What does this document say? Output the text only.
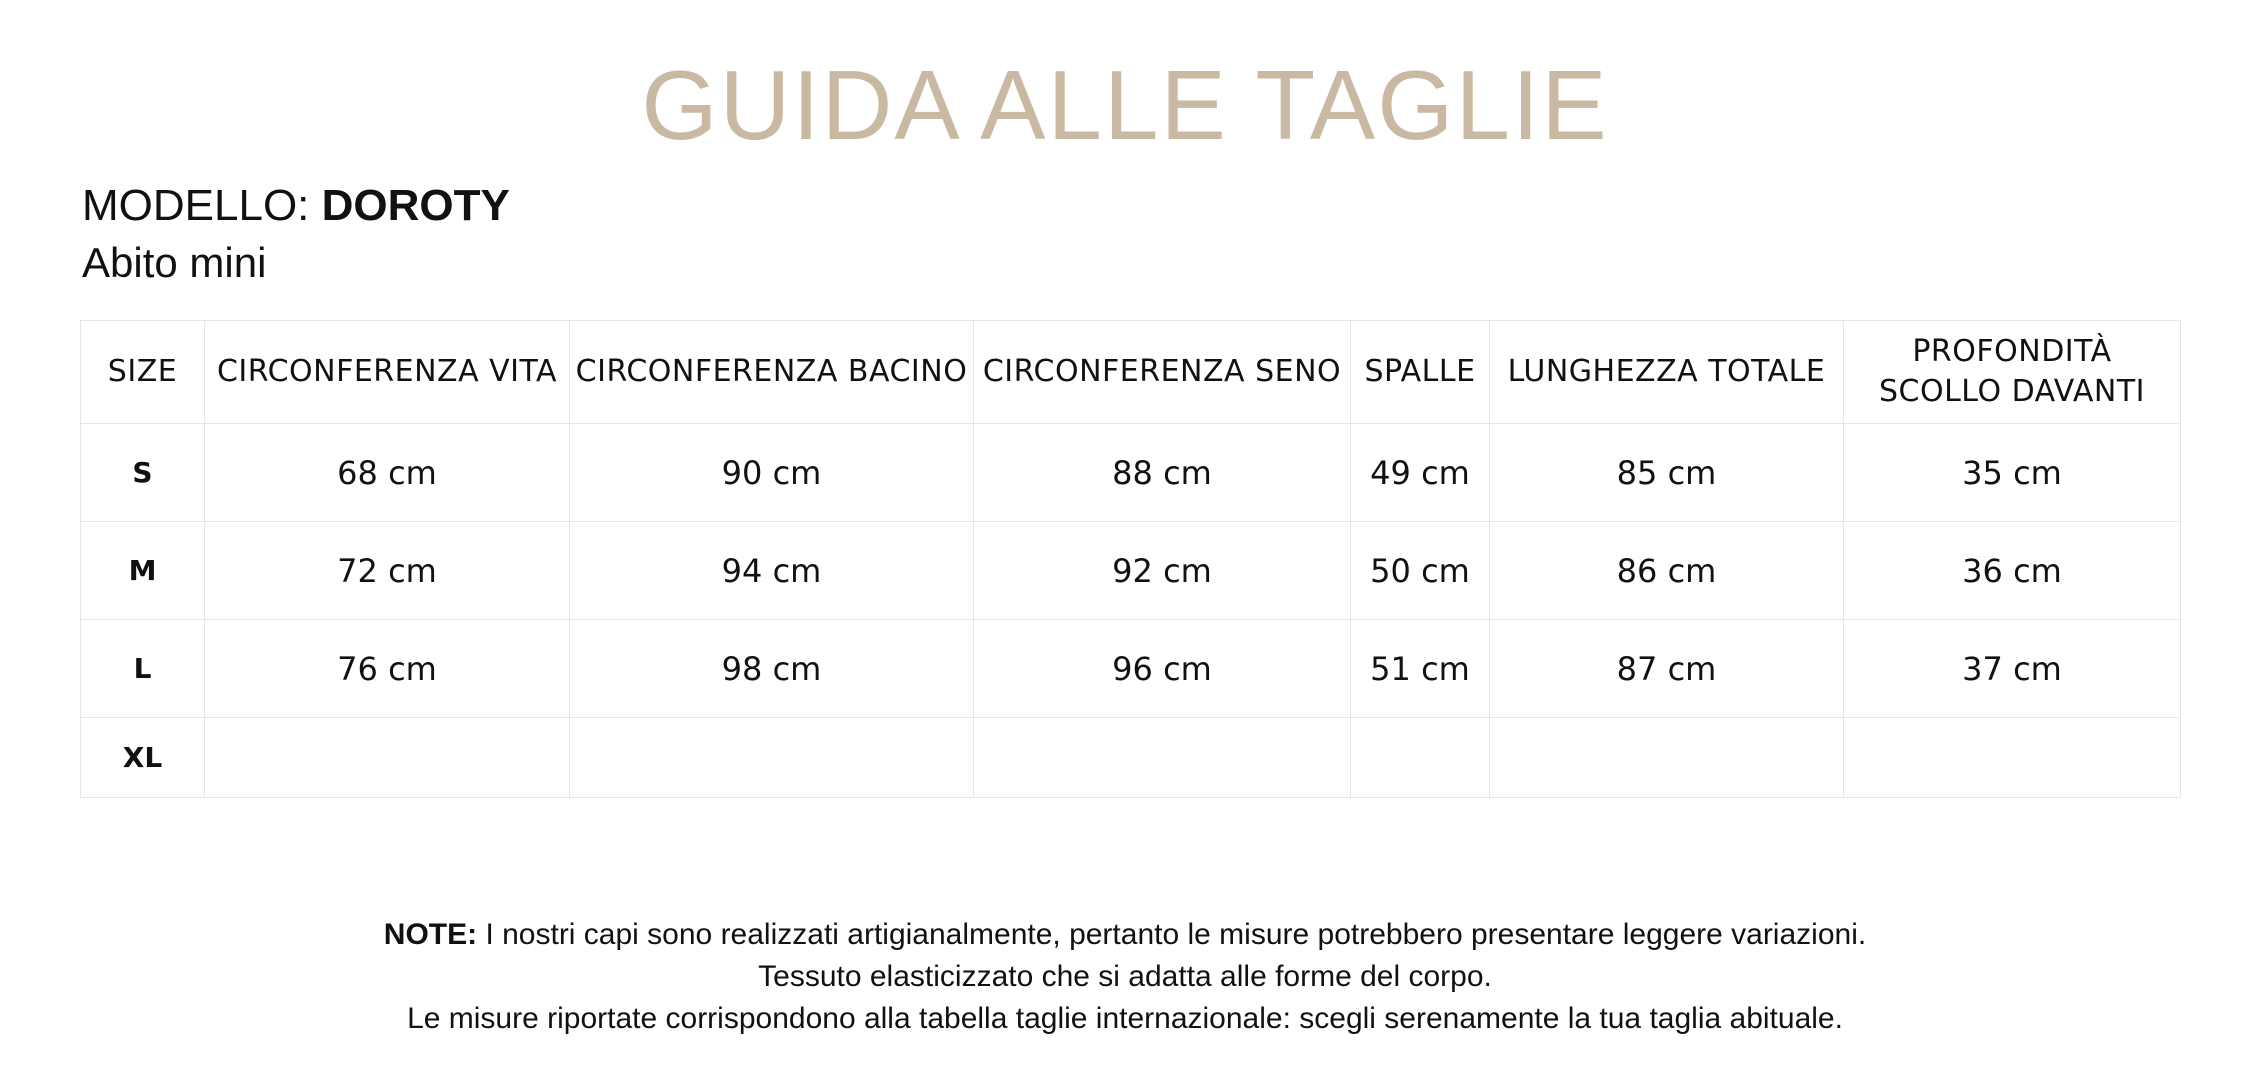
GUIDA ALLE TAGLIE
MODELLO: DOROTY
Abito mini
SIZE	CIRCONFERENZA VITA	CIRCONFERENZA BACINO	CIRCONFERENZA SENO	SPALLE	LUNGHEZZA TOTALE	PROFONDITÀ SCOLLO DAVANTI
S	68 cm	90 cm	88 cm	49 cm	85 cm	35 cm
M	72 cm	94 cm	92 cm	50 cm	86 cm	36 cm
L	76 cm	98 cm	96 cm	51 cm	87 cm	37 cm
XL						
NOTE: I nostri capi sono realizzati artigianalmente, pertanto le misure potrebbero presentare leggere variazioni.
Tessuto elasticizzato che si adatta alle forme del corpo.
Le misure riportate corrispondono alla tabella taglie internazionale: scegli serenamente la tua taglia abituale.
